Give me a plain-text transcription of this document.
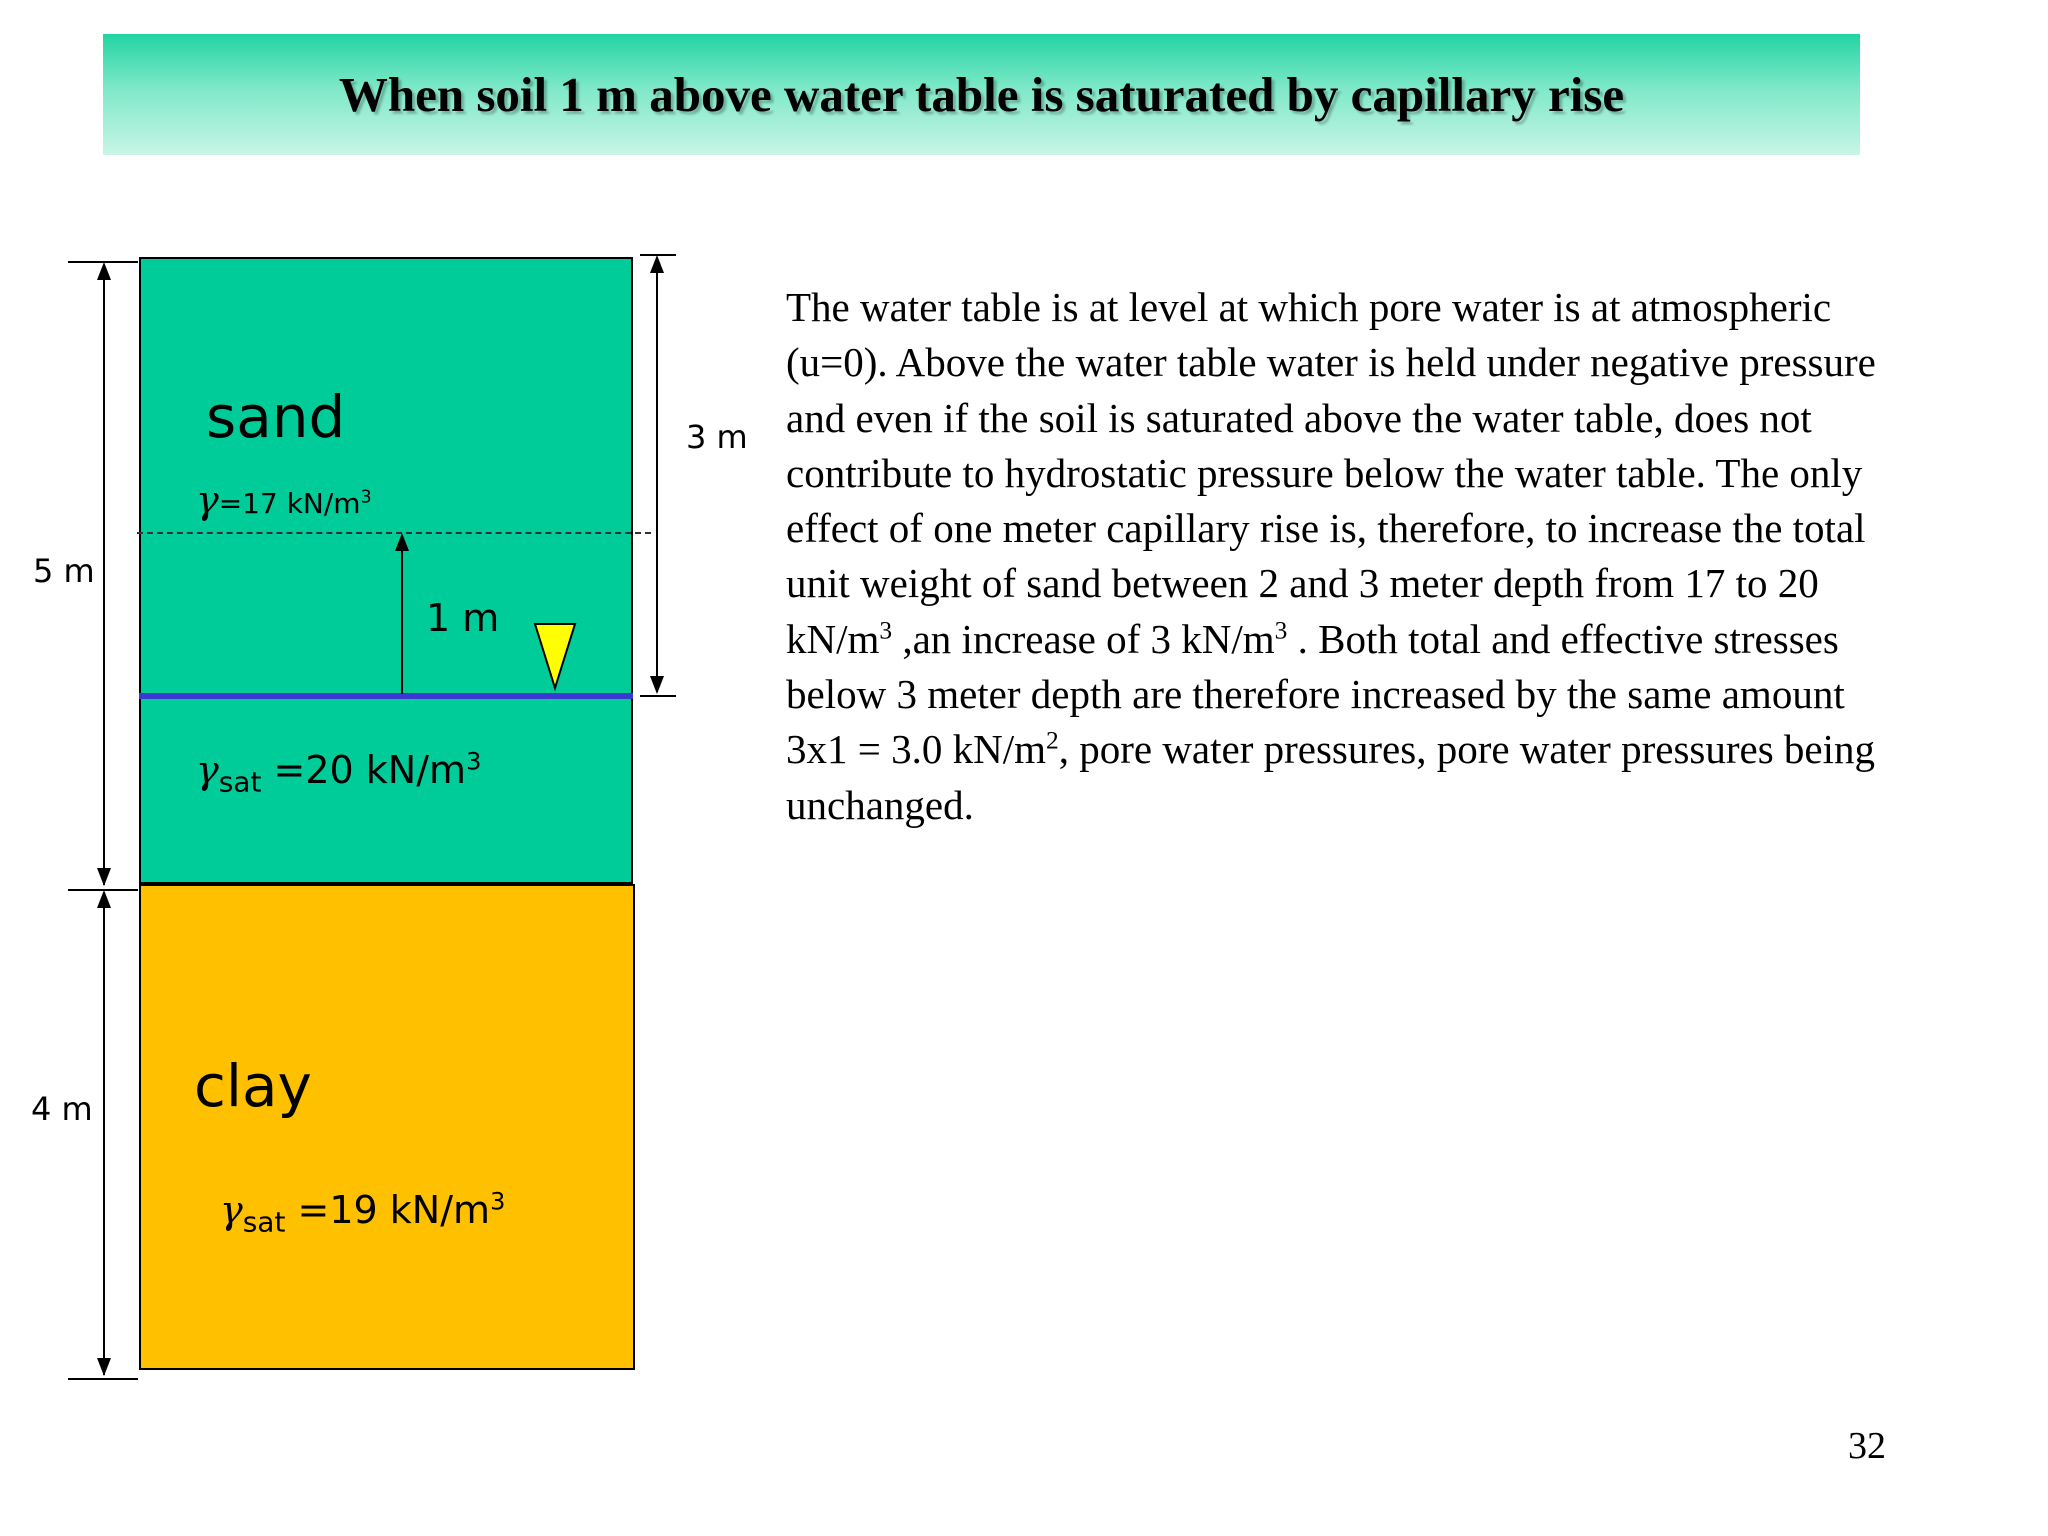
When soil 1 m above water table is saturated by capillary rise
sand
γ=17 $kN/m^3$
$\gamma_{sat} =20$ $kN/m^3$
clay
$\gamma_{sat} =19$ $kN/m^3$
5 m
4 m
3 m
1 m
The water table is at level at which pore water is at atmospheric (u=0). Above the water table water is held under negative pressure and even if the soil is saturated above the water table, does not contribute to hydrostatic pressure below the water table. The only effect of one meter capillary rise is, therefore, to increase the total unit weight of sand between 2 and 3 meter depth from 17 to 20 $kN/m^3$ ,an increase of 3 $kN/m^3$ . Both total and effective stresses below 3 meter depth are therefore increased by the same amount 3x1 = 3.0 $kN/m^2$, pore water pressures, pore water pressures being unchanged.
32
